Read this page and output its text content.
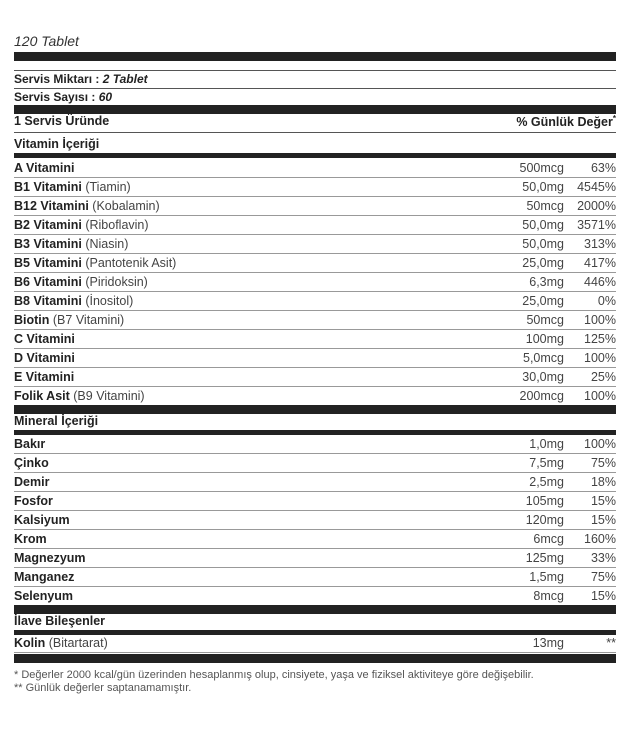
120 Tablet
Servis Miktarı : 2 Tablet
Servis Sayısı : 60
1 Servis Üründe	% Günlük Değer*
Vitamin İçeriği
A Vitamini	500mcg 63%
B1 Vitamini (Tiamin)	50,0mg 4545%
B12 Vitamini (Kobalamin)	50mcg 2000%
B2 Vitamini (Riboflavin)	50,0mg 3571%
B3 Vitamini (Niasin)	50,0mg 313%
B5 Vitamini (Pantotenik Asit)	25,0mg 417%
B6 Vitamini (Piridoksin)	6,3mg 446%
B8 Vitamini (İnositol)	25,0mg	0%
Biotin (B7 Vitamini)	50mcg 100%
C Vitamini	100mg 125%
D Vitamini	5,0mcg 100%
E Vitamini	30,0mg 25%
Folik Asit (B9 Vitamini)	200mcg 100%
Mineral İçeriği
Bakır	1,0mg 100%
Çinko	7,5mg 75%
Demir	2,5mg 18%
Fosfor	105mg 15%
Kalsiyum	120mg 15%
Krom	6mcg 160%
Magnezyum	125mg 33%
Manganez	1,5mg 75%
Selenyum	8mcg 15%
İlave Bileşenler
Kolin (Bitartarat)	13mg	**
* Değerler 2000 kcal/gün üzerinden hesaplanmış olup, cinsiyete, yaşa ve fiziksel aktiviteye göre değişebilir.
** Günlük değerler saptanamamıştır.
